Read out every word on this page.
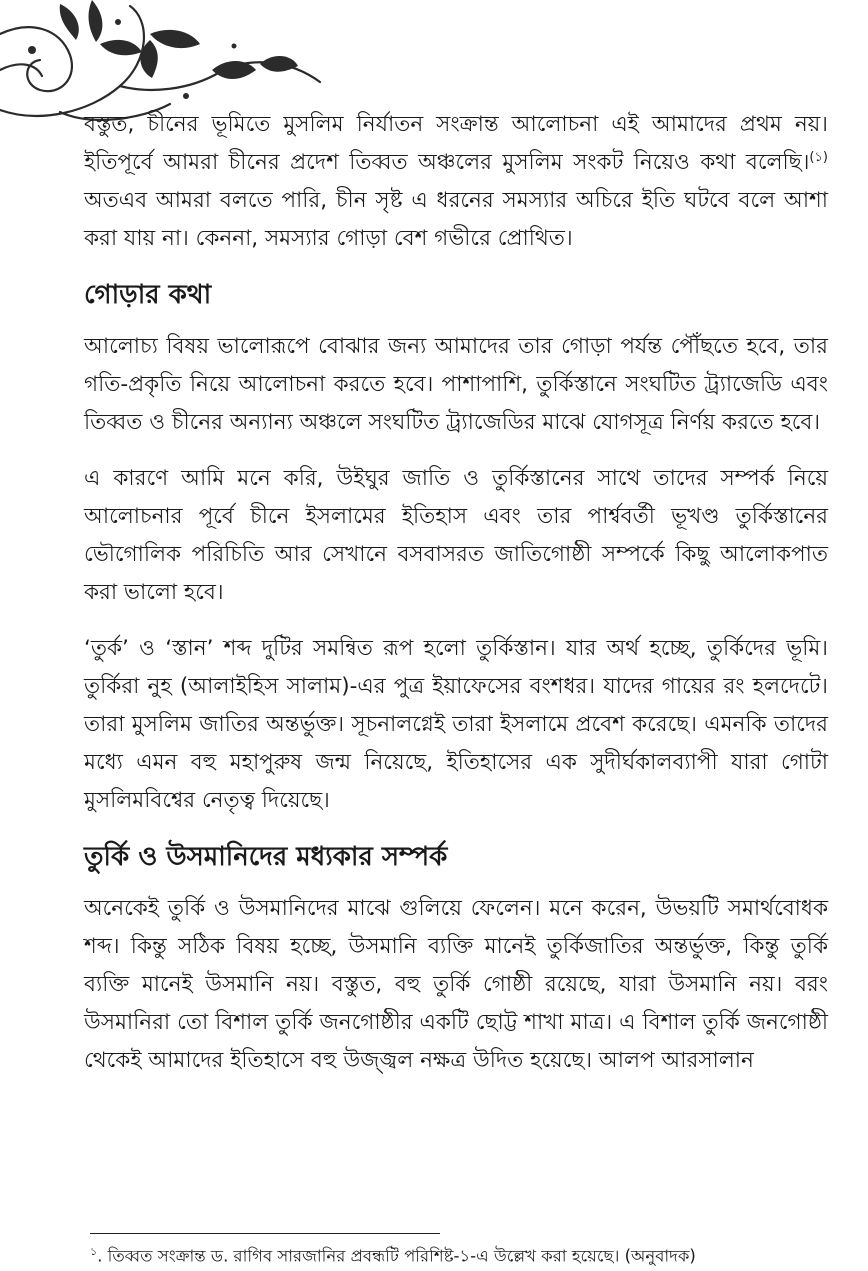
বস্তুত, চীনের ভূমিতে মুসলিম নির্যাতন সংক্রান্ত আলোচনা এই আমাদের প্রথম নয়। ইতিপূর্বে আমরা চীনের প্রদেশ তিব্বত অঞ্চলের মুসলিম সংকট নিয়েও কথা বলেছি।$^{(১)}$ অতএব আমরা বলতে পারি, চীন সৃষ্ট এ ধরনের সমস্যার অচিরে ইতি ঘটবে বলে আশা করা যায় না। কেননা, সমস্যার গোড়া বেশ গভীরে প্রোথিত।

গোড়ার কথা

আলোচ্য বিষয় ভালোরূপে বোঝার জন্য আমাদের তার গোড়া পর্যন্ত পৌঁছতে হবে, তার গতি-প্রকৃতি নিয়ে আলোচনা করতে হবে। পাশাপাশি, তুর্কিস্তানে সংঘটিত ট্র্যাজেডি এবং তিব্বত ও চীনের অন্যান্য অঞ্চলে সংঘটিত ট্র্যাজেডির মাঝে যোগসূত্র নির্ণয় করতে হবে।

এ কারণে আমি মনে করি, উইঘুর জাতি ও তুর্কিস্তানের সাথে তাদের সম্পর্ক নিয়ে আলোচনার পূর্বে চীনে ইসলামের ইতিহাস এবং তার পার্শ্ববর্তী ভূখণ্ড তুর্কিস্তানের ভৌগোলিক পরিচিতি আর সেখানে বসবাসরত জাতিগোষ্ঠী সম্পর্কে কিছু আলোকপাত করা ভালো হবে।

‘তুর্ক’ ও ‘স্তান’ শব্দ দুটির সমন্বিত রূপ হলো তুর্কিস্তান। যার অর্থ হচ্ছে, তুর্কিদের ভূমি। তুর্কিরা নুহ (আলাইহিস সালাম)-এর পুত্র ইয়াফেসের বংশধর। যাদের গায়ের রং হলদেটে। তারা মুসলিম জাতির অন্তর্ভুক্ত। সূচনালগ্নেই তারা ইসলামে প্রবেশ করেছে। এমনকি তাদের মধ্যে এমন বহু মহাপুরুষ জন্ম নিয়েছে, ইতিহাসের এক সুদীর্ঘকালব্যাপী যারা গোটা মুসলিমবিশ্বের নেতৃত্ব দিয়েছে।

তুর্কি ও উসমানিদের মধ্যকার সম্পর্ক

অনেকেই তুর্কি ও উসমানিদের মাঝে গুলিয়ে ফেলেন। মনে করেন, উভয়টি সমার্থবোধক শব্দ। কিন্তু সঠিক বিষয় হচ্ছে, উসমানি ব্যক্তি মানেই তুর্কিজাতির অন্তর্ভুক্ত, কিন্তু তুর্কি ব্যক্তি মানেই উসমানি নয়। বস্তুত, বহু তুর্কি গোষ্ঠী রয়েছে, যারা উসমানি নয়। বরং উসমানিরা তো বিশাল তুর্কি জনগোষ্ঠীর একটি ছোট্ট শাখা মাত্র। এ বিশাল তুর্কি জনগোষ্ঠী থেকেই আমাদের ইতিহাসে বহু উজ্জ্বল নক্ষত্র উদিত হয়েছে। আলপ আরসালান

$^১$. তিব্বত সংক্রান্ত ড. রাগিব সারজানির প্রবন্ধটি পরিশিষ্ট-১-এ উল্লেখ করা হয়েছে। (অনুবাদক)
